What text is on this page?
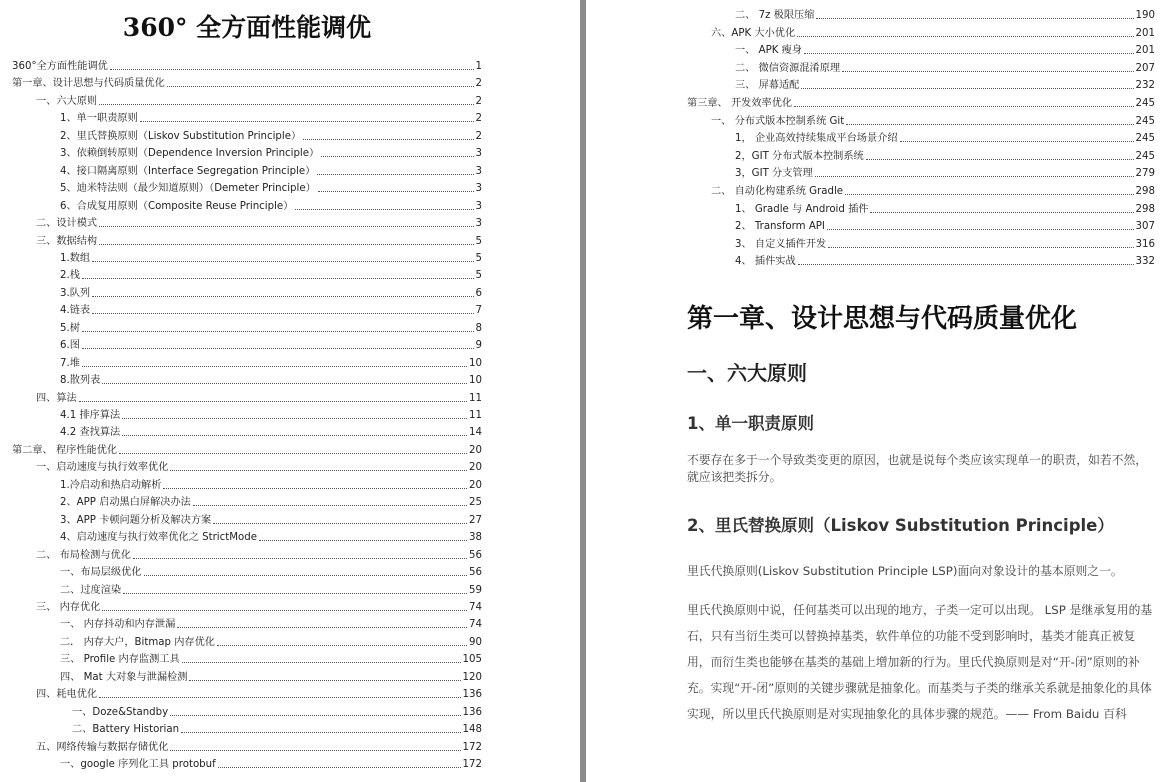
360° 全方面性能调优
360°全方面性能调优	1
第一章、设计思想与代码质量优化	2
一、六大原则	2
1、单一职责原则	2
2、里氏替换原则（Liskov Substitution Principle）	2
3、依赖倒转原则（Dependence Inversion Principle）	3
4、接口隔离原则（Interface Segregation Principle）	3
5、迪米特法则（最少知道原则）（Demeter Principle）	3
6、合成复用原则（Composite Reuse Principle）	3
二、设计模式	3
三、数据结构	5
1.数组	5
2.栈	5
3.队列	6
4.链表	7
5.树	8
6.图	9
7.堆	10
8.散列表	10
四、算法	11
4.1 排序算法	11
4.2 查找算法	14
第二章、 程序性能优化	20
一、启动速度与执行效率优化	20
1.冷启动和热启动解析	20
2、APP 启动黑白屏解决办法	25
3、APP 卡顿问题分析及解决方案	27
4、启动速度与执行效率优化之 StrictMode	38
二、 布局检测与优化	56
一、布局层级优化	56
二、过度渲染	59
三、 内存优化	74
一、 内存抖动和内存泄漏	74
二． 内存大户，Bitmap 内存优化	90
三、 Profile 内存监测工具	105
四、 Mat 大对象与泄漏检测	120
四、耗电优化	136
一、Doze&Standby	136
二、Battery Historian	148
五、网络传输与数据存储优化	172
一、google 序列化工具 protobuf	172
二、 7z 极限压缩	190
六、APK 大小优化	201
一、 APK 瘦身	201
二、 微信资源混淆原理	207
三、 屏幕适配	232
第三章、 开发效率优化	245
一、 分布式版本控制系统 Git	245
1， 企业高效持续集成平台场景介绍	245
2，GIT 分布式版本控制系统	245
3，GIT 分支管理	279
二、 自动化构建系统 Gradle	298
1、 Gradle 与 Android 插件	298
2、 Transform API	307
3、 自定义插件开发	316
4、 插件实战	332
第一章、设计思想与代码质量优化
一、六大原则
1、单一职责原则

不要存在多于一个导致类变更的原因，也就是说每个类应该实现单一的职责，如若不然，就应该把类拆分。

2、里氏替换原则（Liskov Substitution Principle）

里氏代换原则(Liskov Substitution Principle LSP)面向对象设计的基本原则之一。

里氏代换原则中说，任何基类可以出现的地方，子类一定可以出现。 LSP 是继承复用的基石，只有当衍生类可以替换掉基类，软件单位的功能不受到影响时，基类才能真正被复用，而衍生类也能够在基类的基础上增加新的行为。里氏代换原则是对“开-闭”原则的补充。实现“开-闭”原则的关键步骤就是抽象化。而基类与子类的继承关系就是抽象化的具体实现，所以里氏代换原则是对实现抽象化的具体步骤的规范。—— From Baidu 百科
